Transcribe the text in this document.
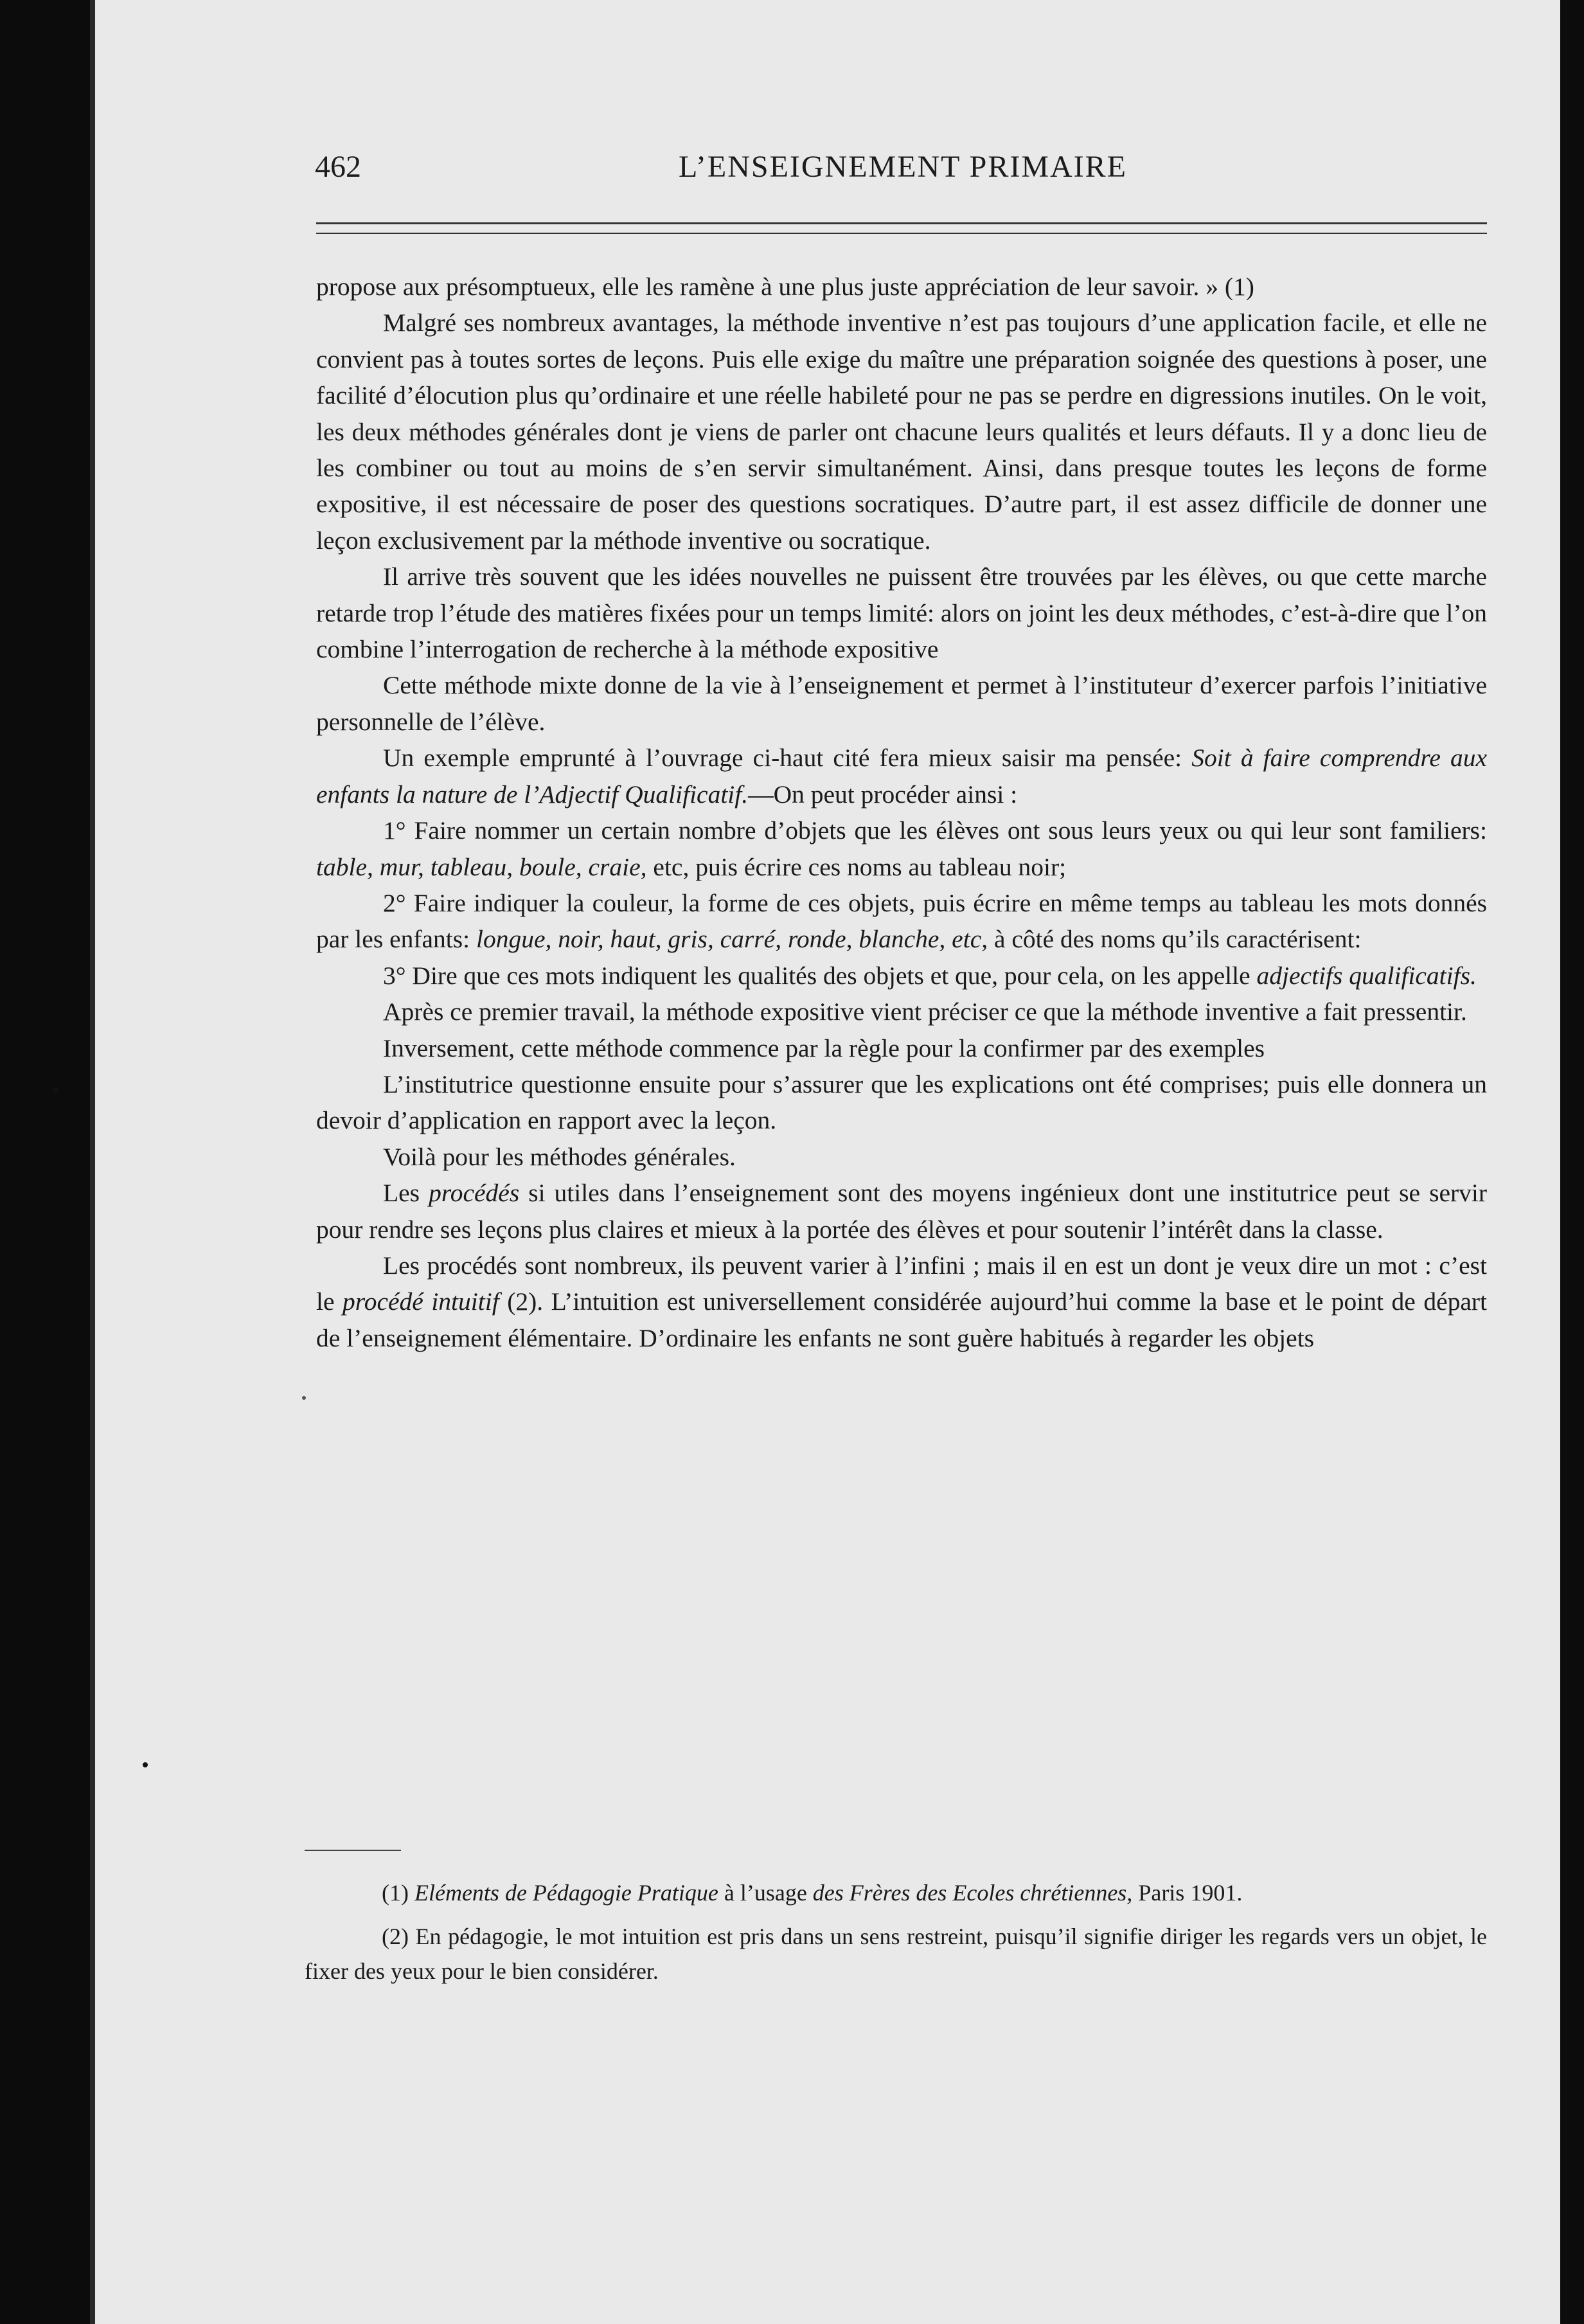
462	L’ENSEIGNEMENT PRIMAIRE

propose aux présomptueux, elle les ramène à une plus juste appréciation de leur savoir. » (1)

Malgré ses nombreux avantages, la méthode inventive n’est pas toujours d’une application facile, et elle ne convient pas à toutes sortes de leçons. Puis elle exige du maître une préparation soignée des questions à poser, une facilité d’élocution plus qu’ordinaire et une réelle habileté pour ne pas se perdre en digressions inutiles. On le voit, les deux méthodes générales dont je viens de parler ont chacune leurs qualités et leurs défauts. Il y a donc lieu de les combiner ou tout au moins de s’en servir simultanément. Ainsi, dans presque toutes les leçons de forme expositive, il est nécessaire de poser des questions socratiques. D’autre part, il est assez difficile de donner une leçon exclusivement par la méthode inventive ou socratique.

Il arrive très souvent que les idées nouvelles ne puissent être trouvées par les élèves, ou que cette marche retarde trop l’étude des matières fixées pour un temps limité: alors on joint les deux méthodes, c’est-à-dire que l’on combine l’interrogation de recherche à la méthode expositive

Cette méthode mixte donne de la vie à l’enseignement et permet à l’instituteur d’exercer parfois l’initiative personnelle de l’élève.

Un exemple emprunté à l’ouvrage ci-haut cité fera mieux saisir ma pensée: Soit à faire comprendre aux enfants la nature de l’Adjectif Qualificatif.—On peut procéder ainsi :

1° Faire nommer un certain nombre d’objets que les élèves ont sous leurs yeux ou qui leur sont familiers: table, mur, tableau, boule, craie, etc, puis écrire ces noms au tableau noir;

2° Faire indiquer la couleur, la forme de ces objets, puis écrire en même temps au tableau les mots donnés par les enfants: longue, noir, haut, gris, carré, ronde, blanche, etc, à côté des noms qu’ils caractérisent:

3° Dire que ces mots indiquent les qualités des objets et que, pour cela, on les appelle adjectifs qualificatifs.

Après ce premier travail, la méthode expositive vient préciser ce que la méthode inventive a fait pressentir.

Inversement, cette méthode commence par la règle pour la confirmer par des exemples

L’institutrice questionne ensuite pour s’assurer que les explications ont été comprises; puis elle donnera un devoir d’application en rapport avec la leçon.

Voilà pour les méthodes générales.

Les procédés si utiles dans l’enseignement sont des moyens ingénieux dont une institutrice peut se servir pour rendre ses leçons plus claires et mieux à la portée des élèves et pour soutenir l’intérêt dans la classe.

Les procédés sont nombreux, ils peuvent varier à l’infini ; mais il en est un dont je veux dire un mot : c’est le procédé intuitif (2). L’intuition est universellement considérée aujourd’hui comme la base et le point de départ de l’enseignement élémentaire. D’ordinaire les enfants ne sont guère habitués à regarder les objets

(1) Eléments de Pédagogie Pratique à l’usage des Frères des Ecoles chrétiennes, Paris 1901.

(2) En pédagogie, le mot intuition est pris dans un sens restreint, puisqu’il signifie diriger les regards vers un objet, le fixer des yeux pour le bien considérer.
